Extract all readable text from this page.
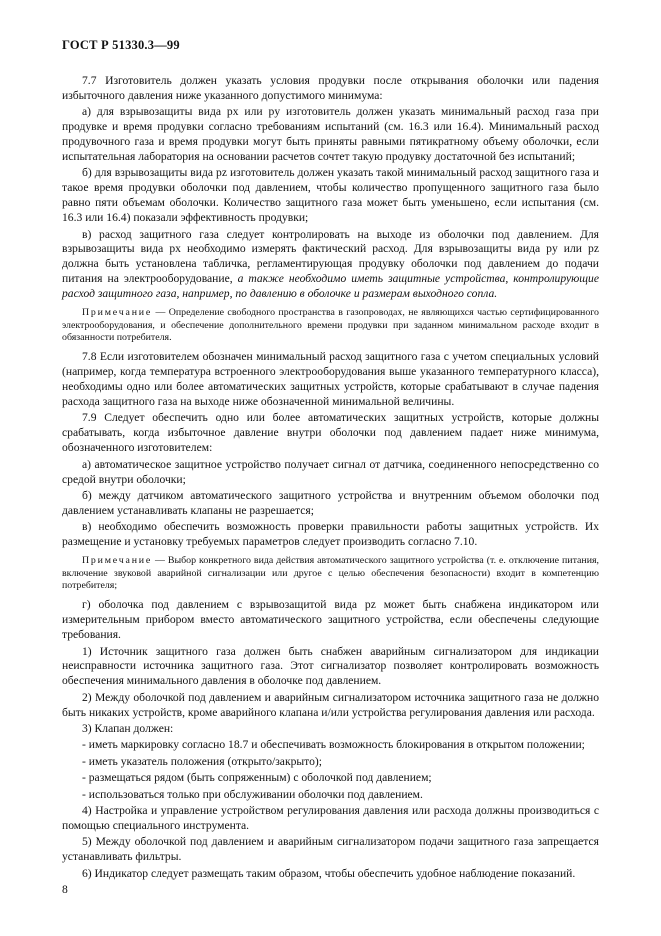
ГОСТ Р 51330.3—99

7.7 Изготовитель должен указать условия продувки после открывания оболочки или падения избыточного давления ниже указанного допустимого минимума:

а) для взрывозащиты вида px или py изготовитель должен указать минимальный расход газа при продувке и время продувки согласно требованиям испытаний (см. 16.3 или 16.4). Минимальный расход продувочного газа и время продувки могут быть приняты равными пятикратному объему оболочки, если испытательная лаборатория на основании расчетов сочтет такую продувку достаточной без испытаний;

б) для взрывозащиты вида pz изготовитель должен указать такой минимальный расход защитного газа и такое время продувки оболочки под давлением, чтобы количество пропущенного защитного газа было равно пяти объемам оболочки. Количество защитного газа может быть уменьшено, если испытания (см. 16.3 или 16.4) показали эффективность продувки;

в) расход защитного газа следует контролировать на выходе из оболочки под давлением. Для взрывозащиты вида px необходимо измерять фактический расход. Для взрывозащиты вида py или pz должна быть установлена табличка, регламентирующая продувку оболочки под давлением до подачи питания на электрооборудование, а также необходимо иметь защитные устройства, контролирующие расход защитного газа, например, по давлению в оболочке и размерам выходного сопла.

Примечание — Определение свободного пространства в газопроводах, не являющихся частью сертифицированного электрооборудования, и обеспечение дополнительного времени продувки при заданном минимальном расходе входит в обязанности потребителя.

7.8 Если изготовителем обозначен минимальный расход защитного газа с учетом специальных условий (например, когда температура встроенного электрооборудования выше указанного температурного класса), необходимы одно или более автоматических защитных устройств, которые срабатывают в случае падения расхода защитного газа на выходе ниже обозначенной минимальной величины.

7.9 Следует обеспечить одно или более автоматических защитных устройств, которые должны срабатывать, когда избыточное давление внутри оболочки под давлением падает ниже минимума, обозначенного изготовителем:

а) автоматическое защитное устройство получает сигнал от датчика, соединенного непосредственно со средой внутри оболочки;

б) между датчиком автоматического защитного устройства и внутренним объемом оболочки под давлением устанавливать клапаны не разрешается;

в) необходимо обеспечить возможность проверки правильности работы защитных устройств. Их размещение и установку требуемых параметров следует производить согласно 7.10.

Примечание — Выбор конкретного вида действия автоматического защитного устройства (т. е. отключение питания, включение звуковой аварийной сигнализации или другое с целью обеспечения безопасности) входит в компетенцию потребителя;

г) оболочка под давлением с взрывозащитой вида pz может быть снабжена индикатором или измерительным прибором вместо автоматического защитного устройства, если обеспечены следующие требования.

1) Источник защитного газа должен быть снабжен аварийным сигнализатором для индикации неисправности источника защитного газа. Этот сигнализатор позволяет контролировать возможность обеспечения минимального давления в оболочке под давлением.

2) Между оболочкой под давлением и аварийным сигнализатором источника защитного газа не должно быть никаких устройств, кроме аварийного клапана и/или устройства регулирования давления или расхода.

3) Клапан должен:

- иметь маркировку согласно 18.7 и обеспечивать возможность блокирования в открытом положении;

- иметь указатель положения (открыто/закрыто);

- размещаться рядом (быть сопряженным) с оболочкой под давлением;

- использоваться только при обслуживании оболочки под давлением.

4) Настройка и управление устройством регулирования давления или расхода должны производиться с помощью специального инструмента.

5) Между оболочкой под давлением и аварийным сигнализатором подачи защитного газа запрещается устанавливать фильтры.

6) Индикатор следует размещать таким образом, чтобы обеспечить удобное наблюдение показаний.

8
